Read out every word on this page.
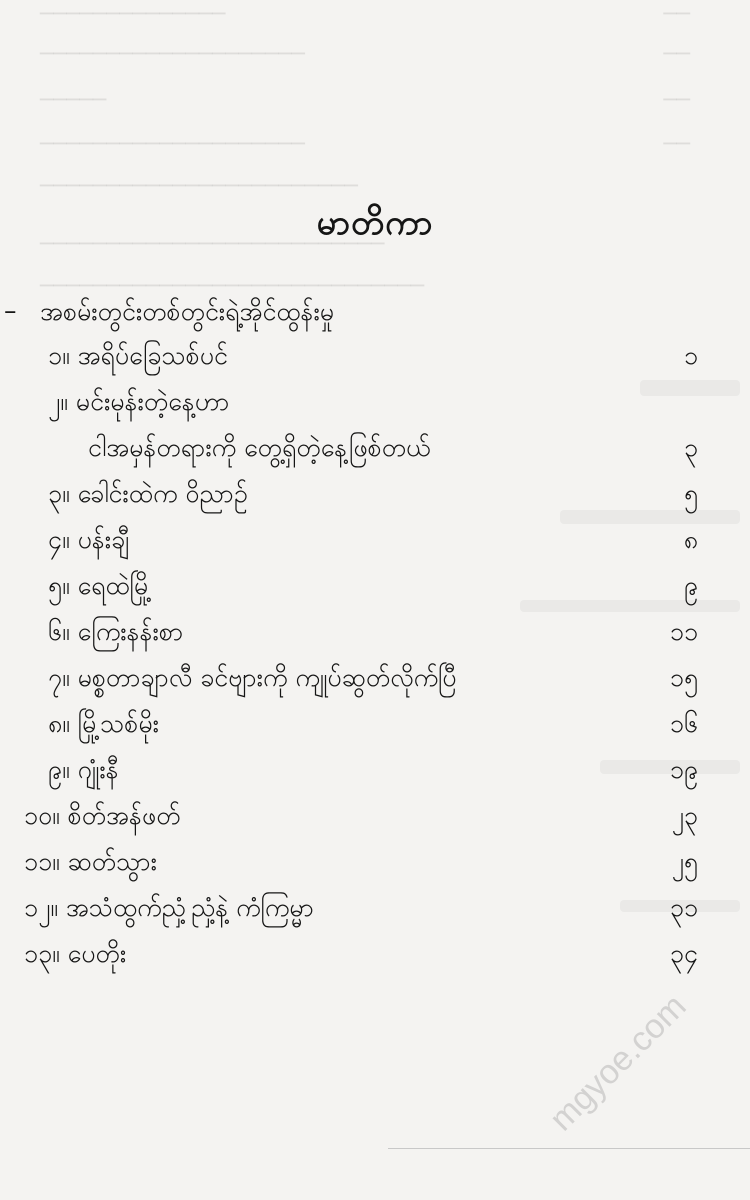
──────────────	──
────────────────────	──
─────	──
────────────────────	──
────────────────────────
──────────────────────────
─────────────────────────────
မာတိကာ
– အစမ်းတွင်းတစ်တွင်းရဲ့အိုင်ထွန်းမှု
၁။ အရိပ်ခြေသစ်ပင်	၁
၂။ မင်းမုန်းတဲ့နေ့ဟာ
ငါအမှန်တရားကို တွေ့ရှိတဲ့နေ့ဖြစ်တယ်	၃
၃။ ခေါင်းထဲက ဝိညာဉ်	၅
၄။ ပန်းချီ	၈
၅။ ရေထဲမြို့	၉
၆။ ကြေးနန်းစာ	၁၁
၇။ မစ္စတာချာလီ ခင်ဗျားကို ကျုပ်ဆွတ်လိုက်ပြီ	၁၅
၈။ မြို့သစ်မိုး	၁၆
၉။ ဂျုံးနီ	၁၉
၁၀။ စိတ်အန်ဖတ်	၂၃
၁၁။ ဆတ်သွား	၂၅
၁၂။ အသံထွက်ညှံ့ညှံ့နဲ့ ကံကြမ္မာ	၃၁
၁၃။ ပေတိုး	၃၄
mgyoe.com
